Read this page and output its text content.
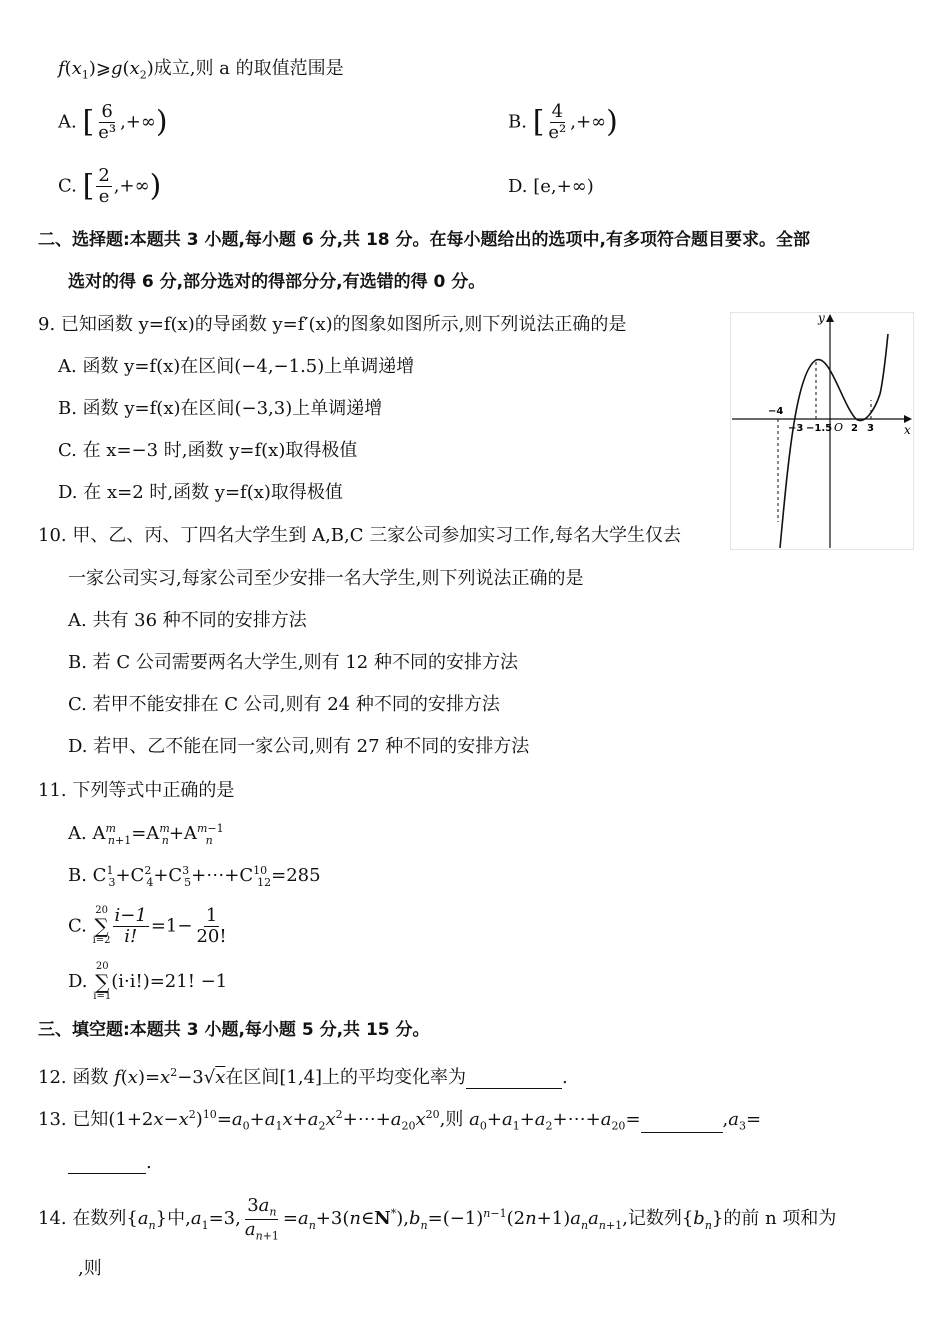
$f(x_1)⩾g(x_2)$成立,则 a 的取值范围是
A. [ $\frac{6}{\text{e³}}$ ,+∞)	B. [ $\frac{4}{\text{e²}}$ ,+∞)
C. [ $\frac{2}{e}$ ,+∞)	D. [e,+∞)
二、选择题:本题共 3 小题,每小题 6 分,共 18 分。在每小题给出的选项中,有多项符合题目要求。全部
选对的得 6 分,部分选对的得部分分,有选错的得 0 分。
9. 已知函数 y=f(x)的导函数 y=f′(x)的图象如图所示,则下列说法正确的是
A. 函数 y=f(x)在区间(−4,−1.5)上单调递增
B. 函数 y=f(x)在区间(−3,3)上单调递增
C. 在 x=−3 时,函数 y=f(x)取得极值
D. 在 x=2 时,函数 y=f(x)取得极值
y
x
O
−4
−3 −1.5 2 3
10. 甲、乙、丙、丁四名大学生到 A,B,C 三家公司参加实习工作,每名大学生仅去
一家公司实习,每家公司至少安排一名大学生,则下列说法正确的是
A. 共有 36 种不同的安排方法
B. 若 C 公司需要两名大学生,则有 12 种不同的安排方法
C. 若甲不能安排在 C 公司,则有 24 种不同的安排方法
D. 若甲、乙不能在同一家公司,则有 27 种不同的安排方法
11. 下列等式中正确的是
A. $A^m_{n+1}=A^m_n+A^{m-1}_n$
B. $C^1_3+C^2_4+C^3_5+\cdots+C^{10}_{12}=285$
C.
20
∑
$i=2 \frac{i-1}{i!} =1- \frac{1}{20!}$
D.
20
∑
i=1
(i·i!)=21! −1
三、填空题:本题共 3 小题,每小题 5 分,共 15 分。
12. 函数 $f(x)=x^2-3√x$在区间[1,4]上的平均变化率为	.
13. 已知$(1+2x-x^2)^{10}=a_0+a_1x+a_2x^2+\cdots+a_{20}x^{20}$,则 $a_0+a_1+a_2+\cdots+a_{20}=$	$,a_3=$
.
14. 在数列$\{a_n\}$中$,a_1=3$, $\frac{3a_n}{a_{n+1}}$ $=a_n+3(n\in N^*),b_n=(-1)^{n-1}(2n+1)a_na_{n+1}$,记数列$\{b_n\}$的前 n 项和为
,则
